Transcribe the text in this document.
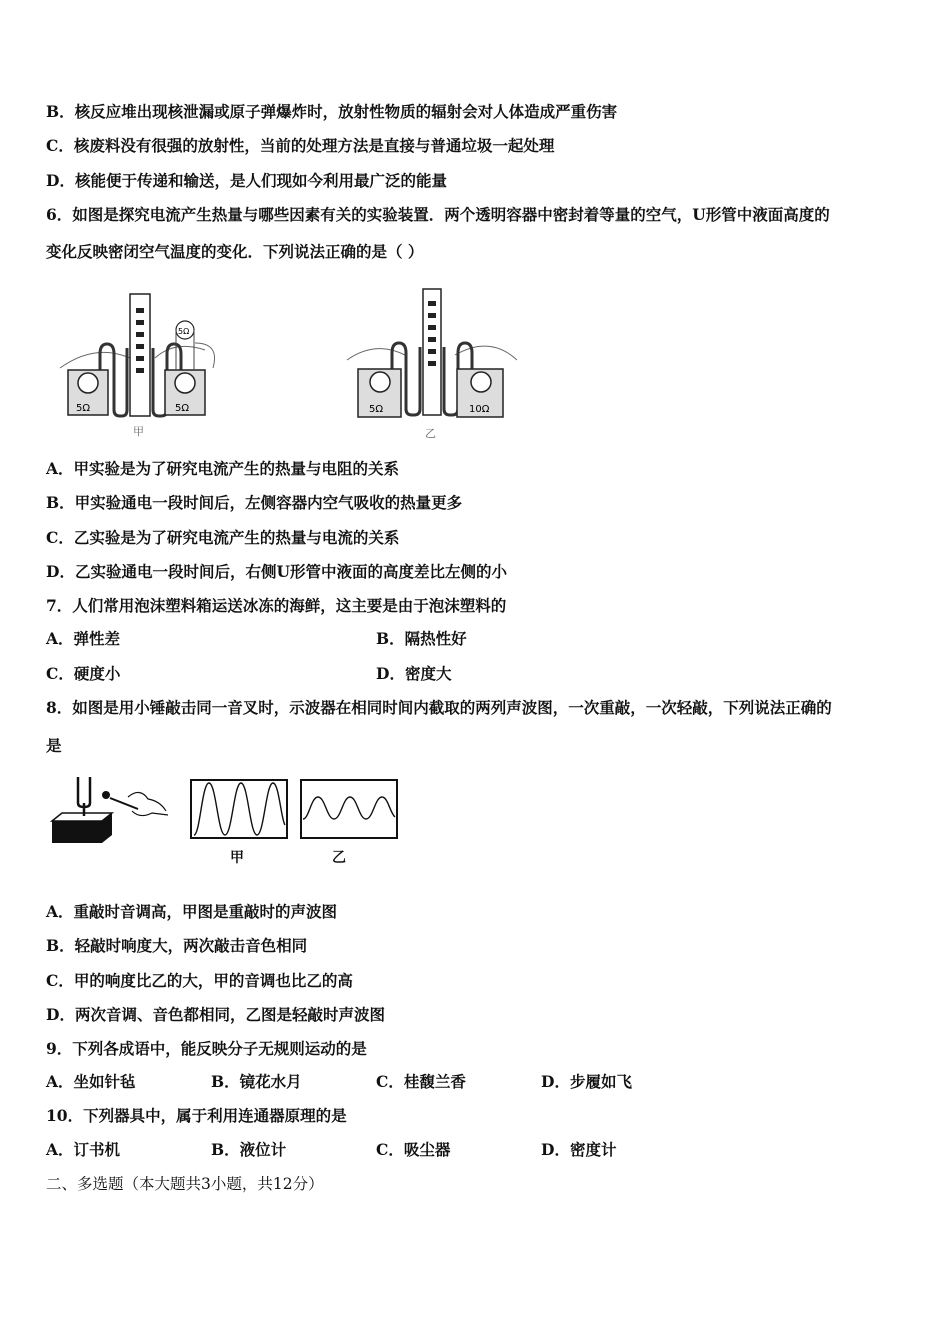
B．核反应堆出现核泄漏或原子弹爆炸时，放射性物质的辐射会对人体造成严重伤害
C．核废料没有很强的放射性，当前的处理方法是直接与普通垃圾一起处理
D．核能便于传递和输送，是人们现如今利用最广泛的能量
6．如图是探究电流产生热量与哪些因素有关的实验装置．两个透明容器中密封着等量的空气，U形管中液面高度的
变化反映密闭空气温度的变化．下列说法正确的是（ ）
5Ω	5Ω
5Ω
甲
5Ω	10Ω
乙
A．甲实验是为了研究电流产生的热量与电阻的关系
B．甲实验通电一段时间后，左侧容器内空气吸收的热量更多
C．乙实验是为了研究电流产生的热量与电流的关系
D．乙实验通电一段时间后，右侧U形管中液面的高度差比左侧的小
7．人们常用泡沫塑料箱运送冰冻的海鲜，这主要是由于泡沫塑料的
A．弹性差	B．隔热性好
C．硬度小	D．密度大
8．如图是用小锤敲击同一音叉时，示波器在相同时间内截取的两列声波图，一次重敲，一次轻敲，下列说法正确的
是
甲	乙
A．重敲时音调高，甲图是重敲时的声波图
B．轻敲时响度大，两次敲击音色相同
C．甲的响度比乙的大，甲的音调也比乙的高
D．两次音调、音色都相同，乙图是轻敲时声波图
9．下列各成语中，能反映分子无规则运动的是
A．坐如针毡	B．镜花水月	C．桂馥兰香	D．步履如飞
10．下列器具中，属于利用连通器原理的是
A．订书机	B．液位计	C．吸尘器	D．密度计
二、多选题（本大题共3小题，共12分）
